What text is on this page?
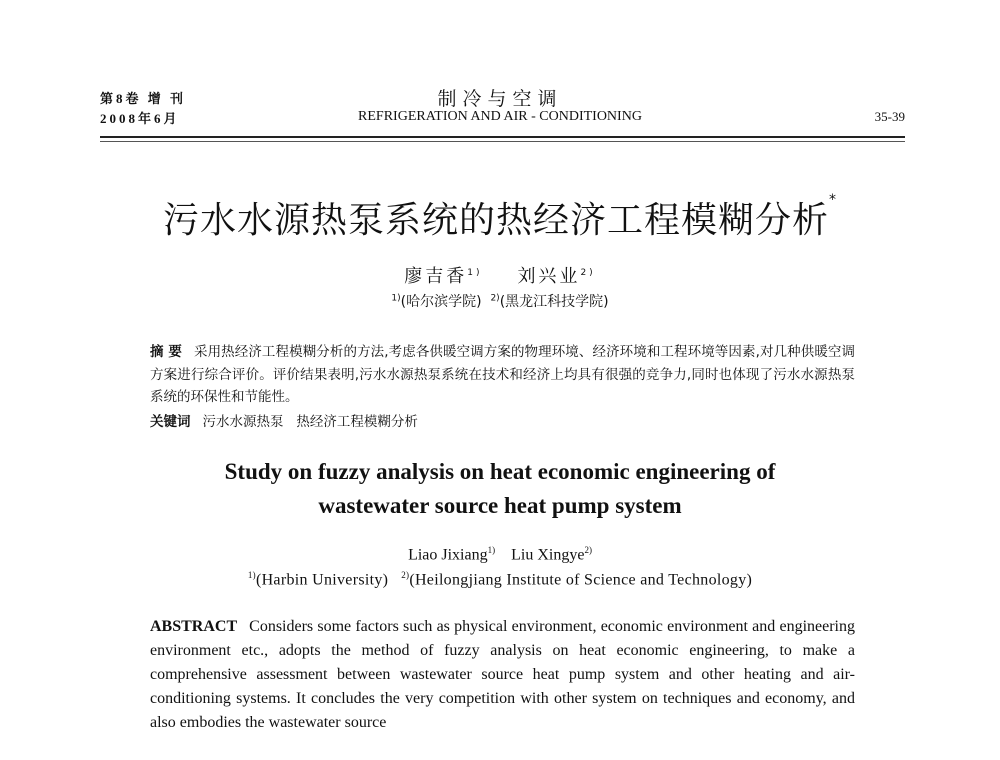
第8卷 增 刊
2008年6月
制冷与空调
REFRIGERATION AND AIR - CONDITIONING	35-39
污水水源热泵系统的热经济工程模糊分析*
廖吉香$^{1)}$ 刘兴业$^{2)}$
$^{1)}$(哈尔滨学院) $^{2)}$(黑龙江科技学院)
摘 要 采用热经济工程模糊分析的方法,考虑各供暖空调方案的物理环境、经济环境和工程环境等因素,对几种供暖空调方案进行综合评价。评价结果表明,污水水源热泵系统在技术和经济上均具有很强的竞争力,同时也体现了污水水源热泵系统的环保性和节能性。
关键词 污水水源热泵 热经济工程模糊分析
Study on fuzzy analysis on heat economic engineering of
wastewater source heat pump system
Liao Jixiang$^{1)}$ Liu Xingye$^{2)}$
$^{1)}$(Harbin University) $^{2)}$(Heilongjiang Institute of Science and Technology)
ABSTRACT Considers some factors such as physical environment, economic environment and engineering environment etc., adopts the method of fuzzy analysis on heat economic engineering, to make a comprehensive assessment between wastewater source heat pump system and other heating and air-conditioning systems. It concludes the very competition with other system on techniques and economy, and also embodies the wastewater source
